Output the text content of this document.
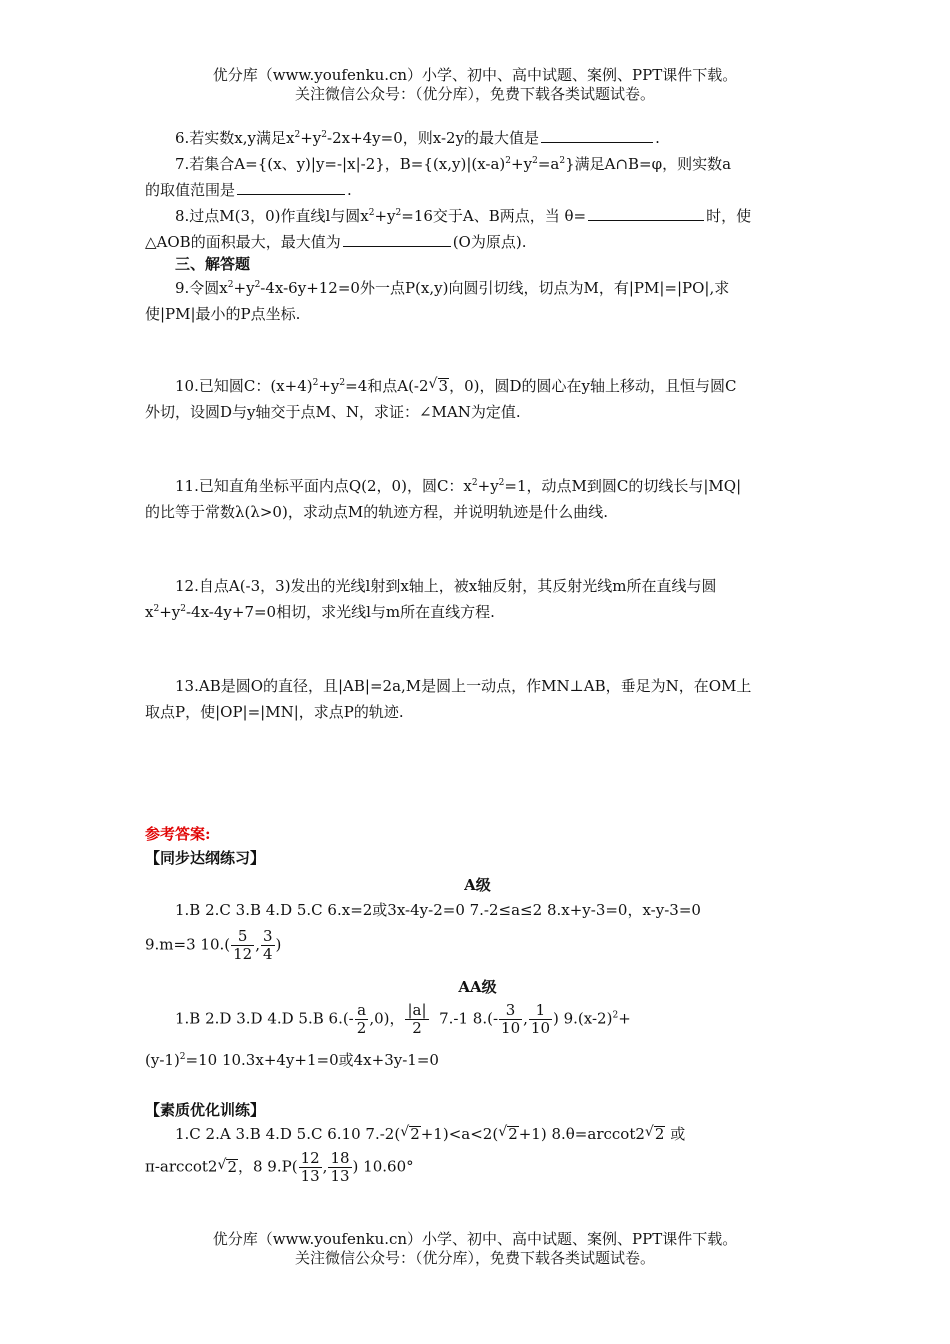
优分库（www.youfenku.cn）小学、初中、高中试题、案例、PPT课件下载。
关注微信公众号：（优分库），免费下载各类试题试卷。
6.若实数x,y满足$x^2+y^2-2x+4y=0$，则x-2y的最大值是	.
7.若集合A={(x、y)|y=-|x|-2}，$B=\{(x,y)|(x-a)^2+y^2=a^2\}$满足A∩B=φ，则实数a
的取值范围是	.
8.过点M(3，0)作直线l与圆$x^2+y^2=16$交于A、B两点，当 θ=	时，使
△AOB的面积最大，最大值为	(O为原点).
三、解答题
9.令圆$x^2+y^2-4x-6y+12=0$外一点P(x,y)向圆引切线，切点为M，有|PM|=|PO|,求
使|PM|最小的P点坐标.
10.已知圆C：$(x+4)^2+y^2=4$和点A(-2 √ 3，0)，圆D的圆心在y轴上移动，且恒与圆C
外切，设圆D与y轴交于点M、N，求证：∠MAN为定值.
11.已知直角坐标平面内点Q(2，0)，圆C：$x^2+y^2=1$，动点M到圆C的切线长与|MQ|
的比等于常数λ(λ>0)，求动点M的轨迹方程，并说明轨迹是什么曲线.
12.自点A(-3，3)发出的光线l射到x轴上，被x轴反射，其反射光线m所在直线与圆
$x^2+y^2-4x-4y+7=0$相切，求光线l与m所在直线方程.
13.AB是圆O的直径，且|AB|=2a,M是圆上一动点，作MN⊥AB，垂足为N，在OM上
取点P，使|OP|=|MN|，求点P的轨迹.
参考答案:
【同步达纲练习】
A级
1.B 2.C 3.B 4.D 5.C 6.x=2或3x-4y-2=0 7.-2≤a≤2 8.x+y-3=0，x-y-3=0
9.m=3 $10.( \frac{5}{12}$ , $\frac{3}{4}$ )
AA级
1.B 2.D 3.D 4.D 5.B $6.(- \frac{a}{2} ,0)$， $\frac{|a|}{2} 7.-1$ $8.(- \frac{3}{10}$ , $\frac{1}{10}$ ) $9.(x-2)^2+$
$(y-1)^2=10$ 10.3x+4y+1=0或4x+3y-1=0
【素质优化训练】
1.C 2.A 3.B 4.D 5.C 6.10 7.-2( √ 2+1)<a<2( √ 2+1) 8.θ=arccot2 √ 2 或
π-arccot2 √ 2，8 $9.P( \frac{12}{13}$ , $\frac{18}{13}$ ) 10.60°
优分库（www.youfenku.cn）小学、初中、高中试题、案例、PPT课件下载。
关注微信公众号：（优分库），免费下载各类试题试卷。
